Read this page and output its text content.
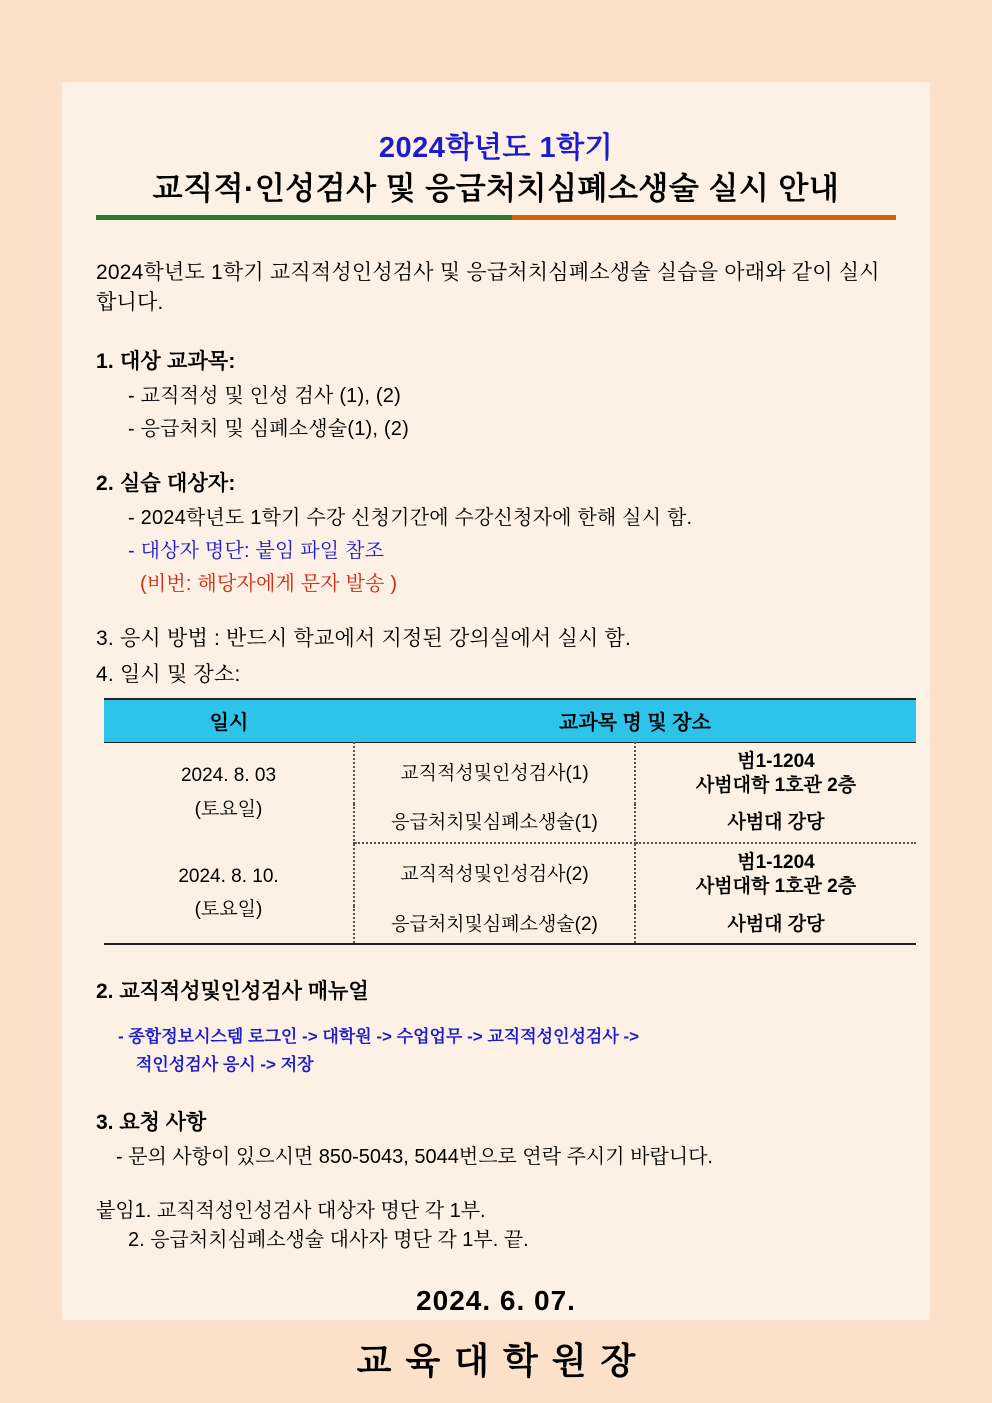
2024학년도 1학기
교직적·인성검사 및 응급처치심폐소생술 실시 안내
2024학년도 1학기 교직적성인성검사 및 응급처치심폐소생술 실습을 아래와 같이 실시 합니다.
1. 대상 교과목:
- 교직적성 및 인성 검사 (1), (2)
- 응급처치 및 심폐소생술(1), (2)
2. 실습 대상자:
- 2024학년도 1학기 수강 신청기간에 수강신청자에 한해 실시 함.
- 대상자 명단: 붙임 파일 참조
(비번: 해당자에게 문자 발송 )
3. 응시 방법 : 반드시 학교에서 지정된 강의실에서 실시 함.
4. 일시 및 장소:
일시	교과목 명 및 장소	
2024. 8. 03
(토요일)	교직적성및인성검사(1)	범1-1204
사범대학 1호관 2층
	응급처치및심폐소생술(1)	사범대 강당
2024. 8. 10.
(토요일)	교직적성및인성검사(2)	범1-1204
사범대학 1호관 2층
	응급처치및심폐소생술(2)	사범대 강당
2. 교직적성및인성검사 매뉴얼
- 종합정보시스템 로그인 -> 대학원 -> 수업업무 -> 교직적성인성검사 ->
적인성검사 응시 -> 저장
3. 요청 사항
- 문의 사항이 있으시면 850-5043, 5044번으로 연락 주시기 바랍니다.
붙임1. 교직적성인성검사 대상자 명단 각 1부.
2. 응급처치심폐소생술 대사자 명단 각 1부. 끝.
2024. 6. 07.
교육대학원장
